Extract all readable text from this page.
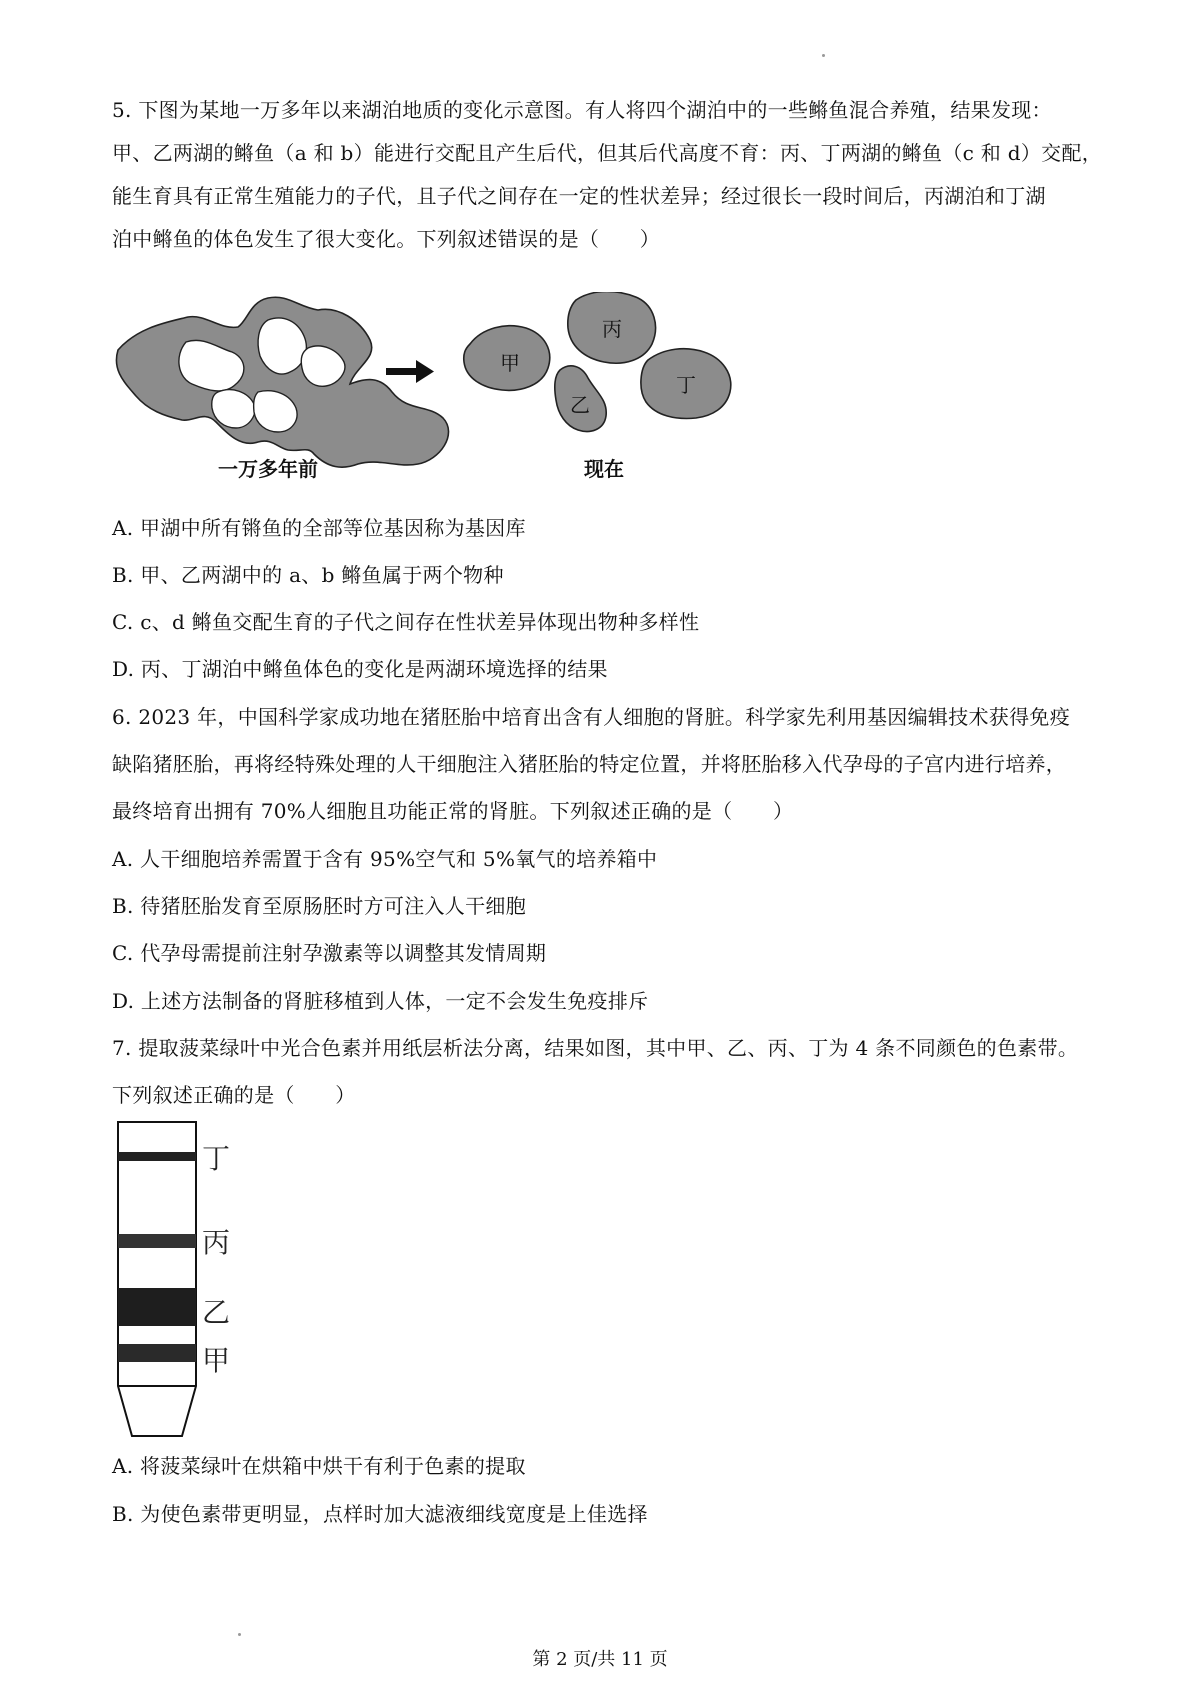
5. 下图为某地一万多年以来湖泊地质的变化示意图。有人将四个湖泊中的一些鳉鱼混合养殖，结果发现：
甲、乙两湖的鳉鱼（a 和 b）能进行交配且产生后代，但其后代高度不育：丙、丁两湖的鳉鱼（c 和 d）交配，
能生育具有正常生殖能力的子代，且子代之间存在一定的性状差异；经过很长一段时间后，丙湖泊和丁湖
泊中鳉鱼的体色发生了很大变化。下列叙述错误的是（　　）
甲
丙
乙
丁
一万多年前	现在
A. 甲湖中所有锵鱼的全部等位基因称为基因库
B. 甲、乙两湖中的 a、b 鳉鱼属于两个物种
C. c、d 鳉鱼交配生育的子代之间存在性状差异体现出物种多样性
D. 丙、丁湖泊中鳉鱼体色的变化是两湖环境选择的结果
6. 2023 年，中国科学家成功地在猪胚胎中培育出含有人细胞的肾脏。科学家先利用基因编辑技术获得免疫
缺陷猪胚胎，再将经特殊处理的人干细胞注入猪胚胎的特定位置，并将胚胎移入代孕母的子宫内进行培养，
最终培育出拥有 70%人细胞且功能正常的肾脏。下列叙述正确的是（　　）
A. 人干细胞培养需置于含有 95%空气和 5%氧气的培养箱中
B. 待猪胚胎发育至原肠胚时方可注入人干细胞
C. 代孕母需提前注射孕激素等以调整其发情周期
D. 上述方法制备的肾脏移植到人体，一定不会发生免疫排斥
7. 提取菠菜绿叶中光合色素并用纸层析法分离，结果如图，其中甲、乙、丙、丁为 4 条不同颜色的色素带。
下列叙述正确的是（　　）
丁
丙
乙
甲
A. 将菠菜绿叶在烘箱中烘干有利于色素的提取
B. 为使色素带更明显，点样时加大滤液细线宽度是上佳选择
第 2 页/共 11 页
